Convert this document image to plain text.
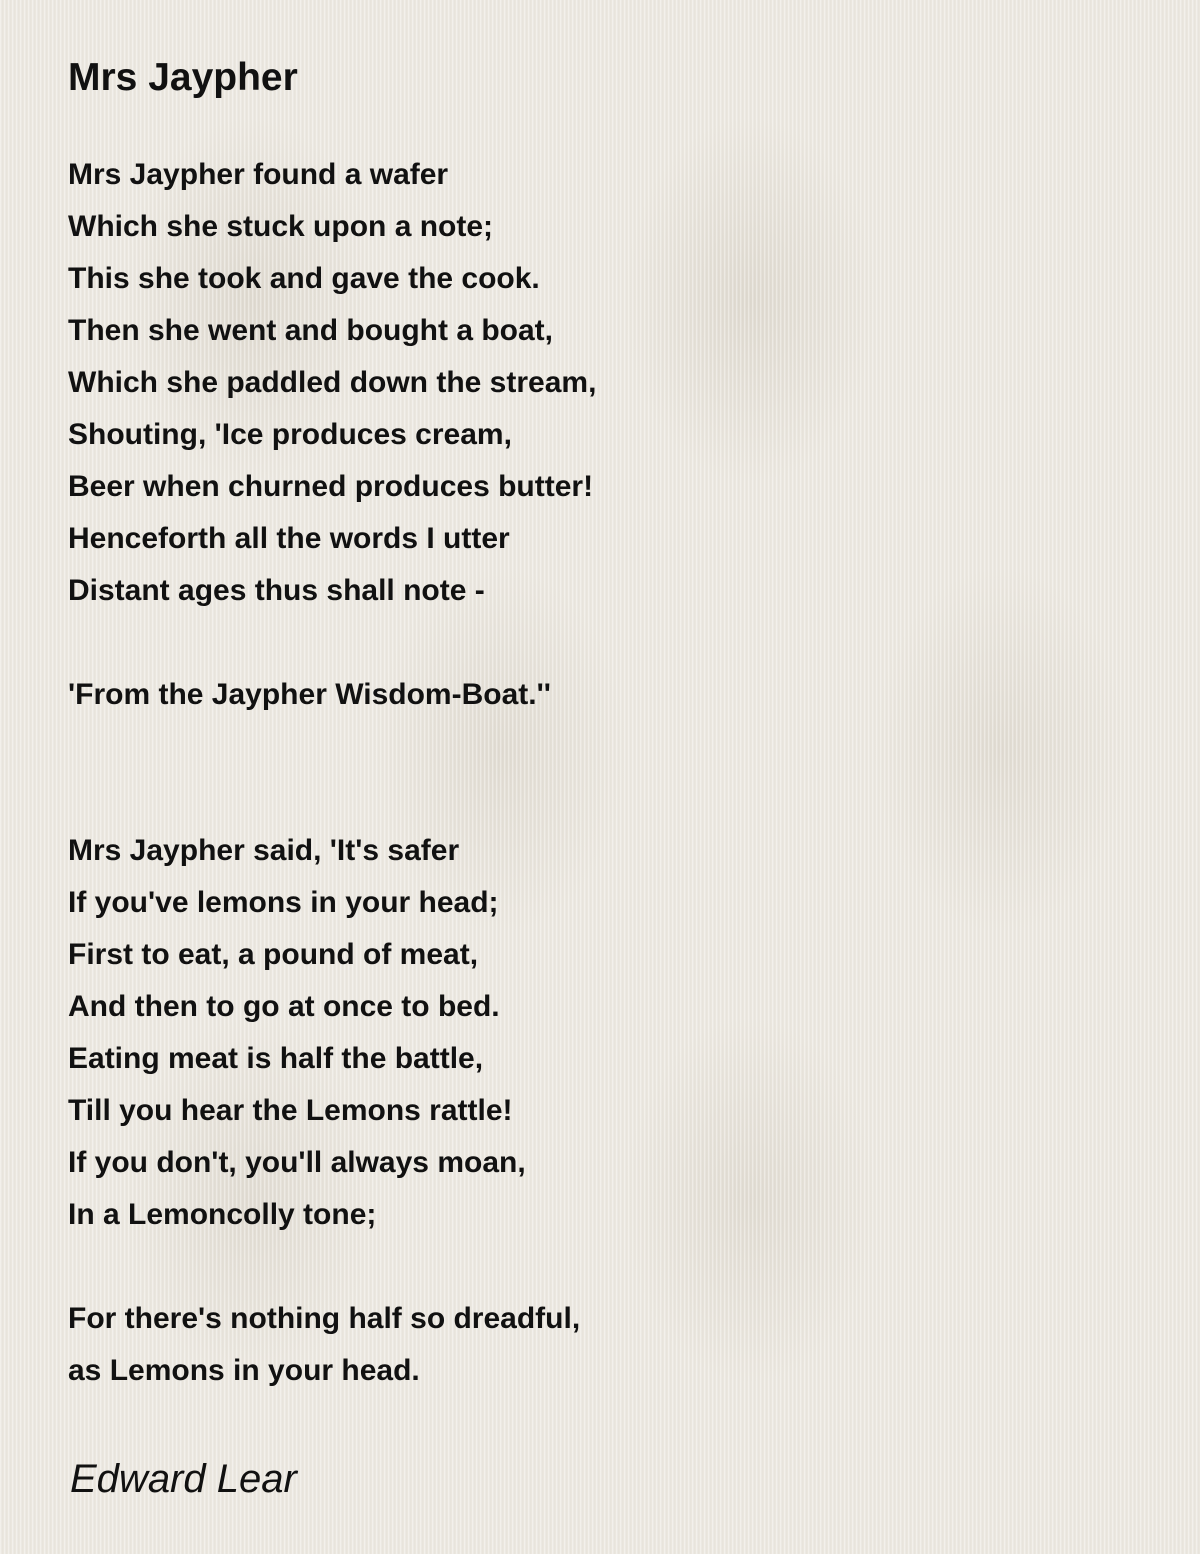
Mrs Jaypher
Mrs Jaypher found a wafer
Which she stuck upon a note;
This she took and gave the cook.
Then she went and bought a boat,
Which she paddled down the stream,
Shouting, 'Ice produces cream,
Beer when churned produces butter!
Henceforth all the words I utter
Distant ages thus shall note -
'From the Jaypher Wisdom-Boat.''
Mrs Jaypher said, 'It's safer
If you've lemons in your head;
First to eat, a pound of meat,
And then to go at once to bed.
Eating meat is half the battle,
Till you hear the Lemons rattle!
If you don't, you'll always moan,
In a Lemoncolly tone;
For there's nothing half so dreadful,
as Lemons in your head.
Edward Lear
